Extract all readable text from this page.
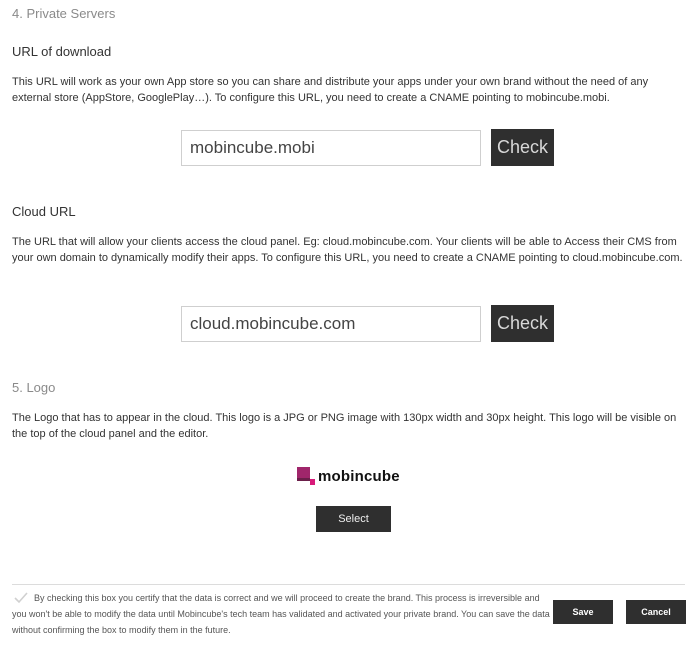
4. Private Servers
URL of download
This URL will work as your own App store so you can share and distribute your apps under your own brand without the need of any external store (AppStore, GooglePlay…). To configure this URL, you need to create a CNAME pointing to mobincube.mobi.
mobincube.mobi
Check
Cloud URL
The URL that will allow your clients access the cloud panel. Eg: cloud.mobincube.com. Your clients will be able to Access their CMS from your own domain to dynamically modify their apps. To configure this URL, you need to create a CNAME pointing to cloud.mobincube.com.
cloud.mobincube.com
Check
5. Logo
The Logo that has to appear in the cloud. This logo is a JPG or PNG image with 130px width and 30px height. This logo will be visible on the top of the cloud panel and the editor.
mobincube
Select
By checking this box you certify that the data is correct and we will proceed to create the brand. This process is irreversible and you won't be able to modify the data until Mobincube's tech team has validated and activated your private brand. You can save the data without confirming the box to modify them in the future.
Save	Cancel
